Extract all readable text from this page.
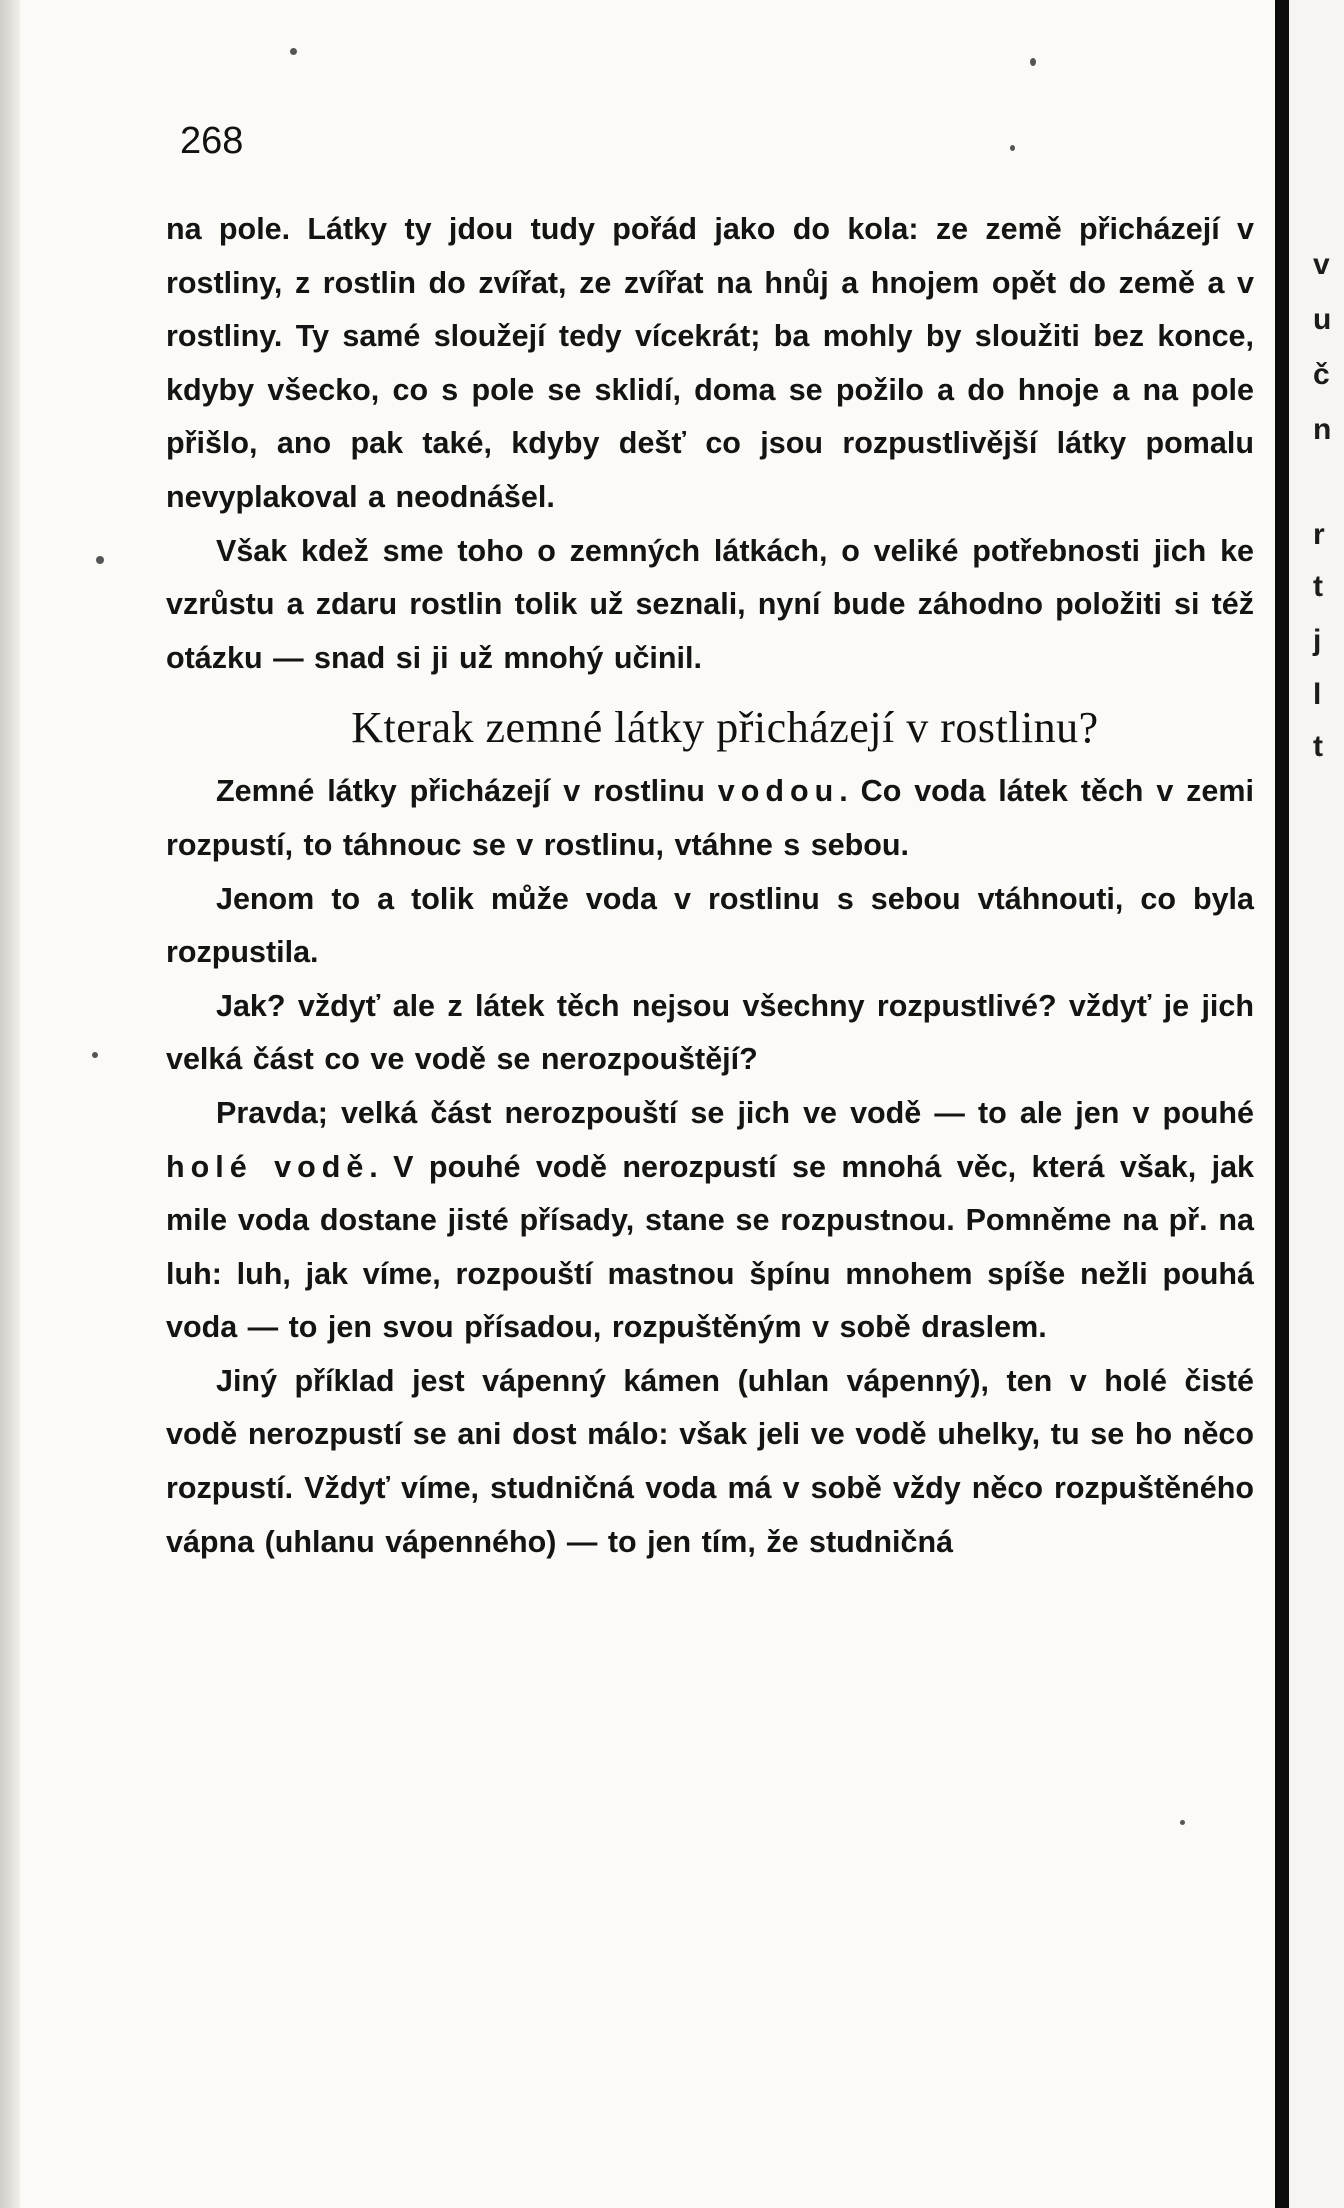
268

na pole. Látky ty jdou tudy pořád jako do kola: ze země přicházejí v rostliny, z rostlin do zvířat, ze zvířat na hnůj a hnojem opět do země a v rostliny. Ty samé sloužejí tedy vícekrát; ba mohly by sloužiti bez konce, kdyby všecko, co s pole se sklidí, doma se požilo a do hnoje a na pole přišlo, ano pak také, kdyby dešť co jsou rozpustlivější látky pomalu nevyplakoval a neodnášel.

Však kdež sme toho o zemných látkách, o veliké potřebnosti jich ke vzrůstu a zdaru rostlin tolik už seznali, nyní bude záhodno položiti si též otázku — snad si ji už mnohý učinil.

Kterak zemné látky přicházejí v rostlinu?

Zemné látky přicházejí v rostlinu vodou. Co voda látek těch v zemi rozpustí, to táhnouc se v rostlinu, vtáhne s sebou.

Jenom to a tolik může voda v rostlinu s sebou vtáhnouti, co byla rozpustila.

Jak? vždyť ale z látek těch nejsou všechny rozpustlivé? vždyť je jich velká část co ve vodě se nerozpouštějí?

Pravda; velká část nerozpouští se jich ve vodě — to ale jen v pouhé holé vodě. V pouhé vodě nerozpustí se mnohá věc, která však, jak mile voda dostane jisté přísady, stane se rozpustnou. Pomněme na př. na luh: luh, jak víme, rozpouští mastnou špínu mnohem spíše nežli pouhá voda — to jen svou přísadou, rozpuštěným v sobě draslem.

Jiný příklad jest vápenný kámen (uhlan vápenný), ten v holé čisté vodě nerozpustí se ani dost málo: však jeli ve vodě uhelky, tu se ho něco rozpustí. Vždyť víme, studničná voda má v sobě vždy něco rozpuštěného vápna (uhlanu vápenného) — to jen tím, že studničná

v
u
č
n
r
t
j
l
t
